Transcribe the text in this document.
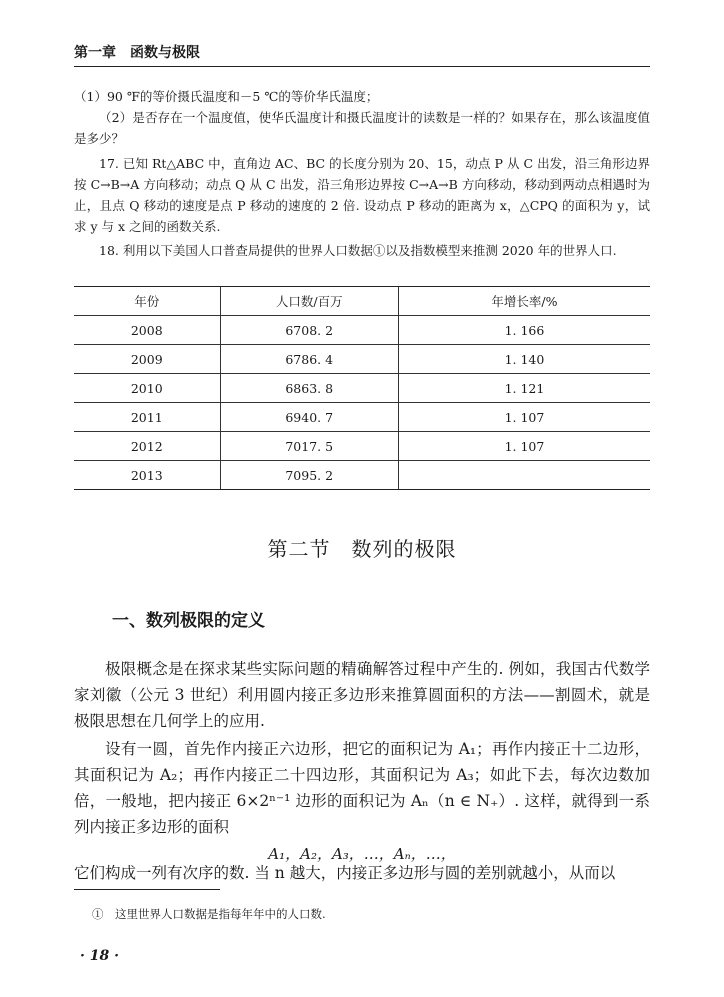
第一章　函数与极限
（1）90 ℉的等价摄氏温度和－5 ℃的等价华氏温度；
（2）是否存在一个温度值，使华氏温度计和摄氏温度计的读数是一样的？如果存在，那么该温度值是多少？
17. 已知 Rt△ABC 中，直角边 AC、BC 的长度分别为 20、15，动点 P 从 C 出发，沿三角形边界按 C→B→A 方向移动；动点 Q 从 C 出发，沿三角形边界按 C→A→B 方向移动，移动到两动点相遇时为止，且点 Q 移动的速度是点 P 移动的速度的 2 倍. 设动点 P 移动的距离为 x，△CPQ 的面积为 y，试求 y 与 x 之间的函数关系.
18. 利用以下美国人口普查局提供的世界人口数据①以及指数模型来推测 2020 年的世界人口.
年份	人口数/百万	年增长率/%
2008	6708. 2	1. 166
2009	6786. 4	1. 140
2010	6863. 8	1. 121
2011	6940. 7	1. 107
2012	7017. 5	1. 107
2013	7095. 2	
第二节　数列的极限
一、数列极限的定义
极限概念是在探求某些实际问题的精确解答过程中产生的. 例如，我国古代数学家刘徽（公元 3 世纪）利用圆内接正多边形来推算圆面积的方法——割圆术，就是极限思想在几何学上的应用.
设有一圆，首先作内接正六边形，把它的面积记为 A₁；再作内接正十二边形，其面积记为 A₂；再作内接正二十四边形，其面积记为 A₃；如此下去，每次边数加倍，一般地，把内接正 6×2ⁿ⁻¹ 边形的面积记为 Aₙ（n ∈ N₊）. 这样，就得到一系列内接正多边形的面积
A₁，A₂，A₃，…，Aₙ，…，
它们构成一列有次序的数. 当 n 越大，内接正多边形与圆的差别就越小，从而以
①　这里世界人口数据是指每年年中的人口数.
· 18 ·
